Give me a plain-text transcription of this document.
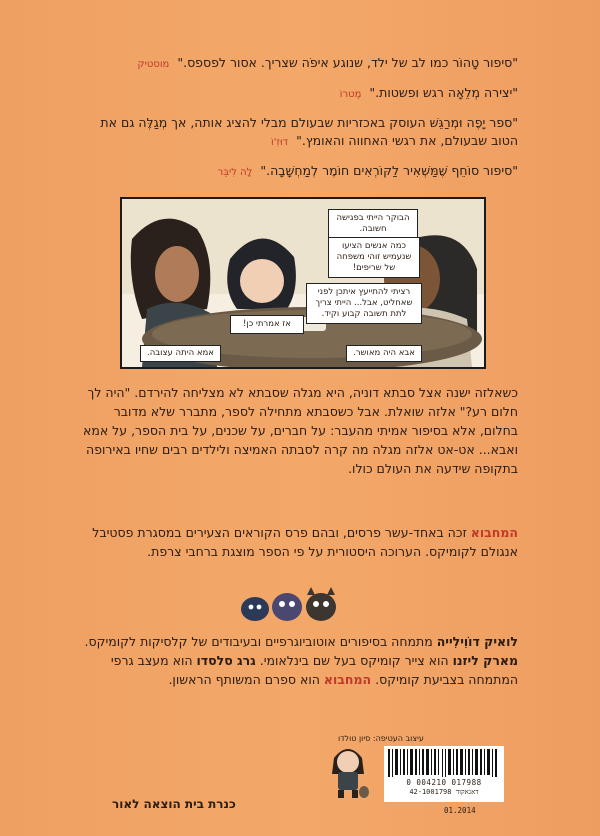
"סיפור טָהוֹר כמו לב של ילד, שנוגע איפֹה שצריך. אסור לפספס."מוסטיק

"יצירה מְלֵאָה רגש ופשטות."מֶטרוֹ

"ספר יָפֶה וּמְרַגֵּשׁ העוסק באכזריות שבעולם מבלי להציג אותה, אך מְגַלֶּה גם את הטוב שבעולם, את רגשי האחווה והאומץ."דוּזִ'וֹ

"סיפור סוֹחֵף שֶׁמַּשְׁאִיר לַקּוֹרְאִים חוֹמֶר לְמַחְשָׁבָה."לָה לִיבֵּר

הבוקר הייתי בפגישה חשובה.
כמה אנשים הציעו שנעמיש זוהי משפחה של שריפים!
רציתי להתייעץ איתכן לפני שאחליט, אבל... הייתי צריך לתת תשובה קבוע וקיד.
אז אמרתי כן!
אמא היתה עצובה.	אבא היה מאושר.
כשאלזה ישנה אצל סבתא דוניה, היא מגלה שסבתא לא מצליחה להירדם. "היה לך חלום רע?" אלזה שואלת. אבל כשסבתא מתחילה לספר, מתברר שלא מדובר בחלום, אלא בסיפור אמיתי מהעבר: על חברים, על שכנים, על בית הספר, על אמא ואבא... אט-אט אלזה מגלה מה קרה לסבתה האמיצה ולילדים רבים שחיו באירופה בתקופה שידעה את העולם כולו.
המחבוא זכה באחד-עשר פרסים, ובהם פרס הקוראים הצעירים במסגרת פסטיבל אנגולם לקומיקס. הערוכה היסטורית על פי הספר מוצגת ברחבי צרפת.
לואיק דוֹוִילִייה מתמחה בסיפורים אוטוביוגרפיים ובעיבודים של קלסיקות לקומיקס. מארק ליזנו הוא צייר קומיקס בעל שם בינלאומי. גרג סלסדו הוא מעצב גרפי המתמחה בצביעת קומיקס. המחבוא הוא ספרם המשותף הראשון.
עיצוב העטיפה: סיון טולדו
0 004210 017988
דאנאקוד 42-1001798
01.2014
כנרת בית הוצאה לאור
